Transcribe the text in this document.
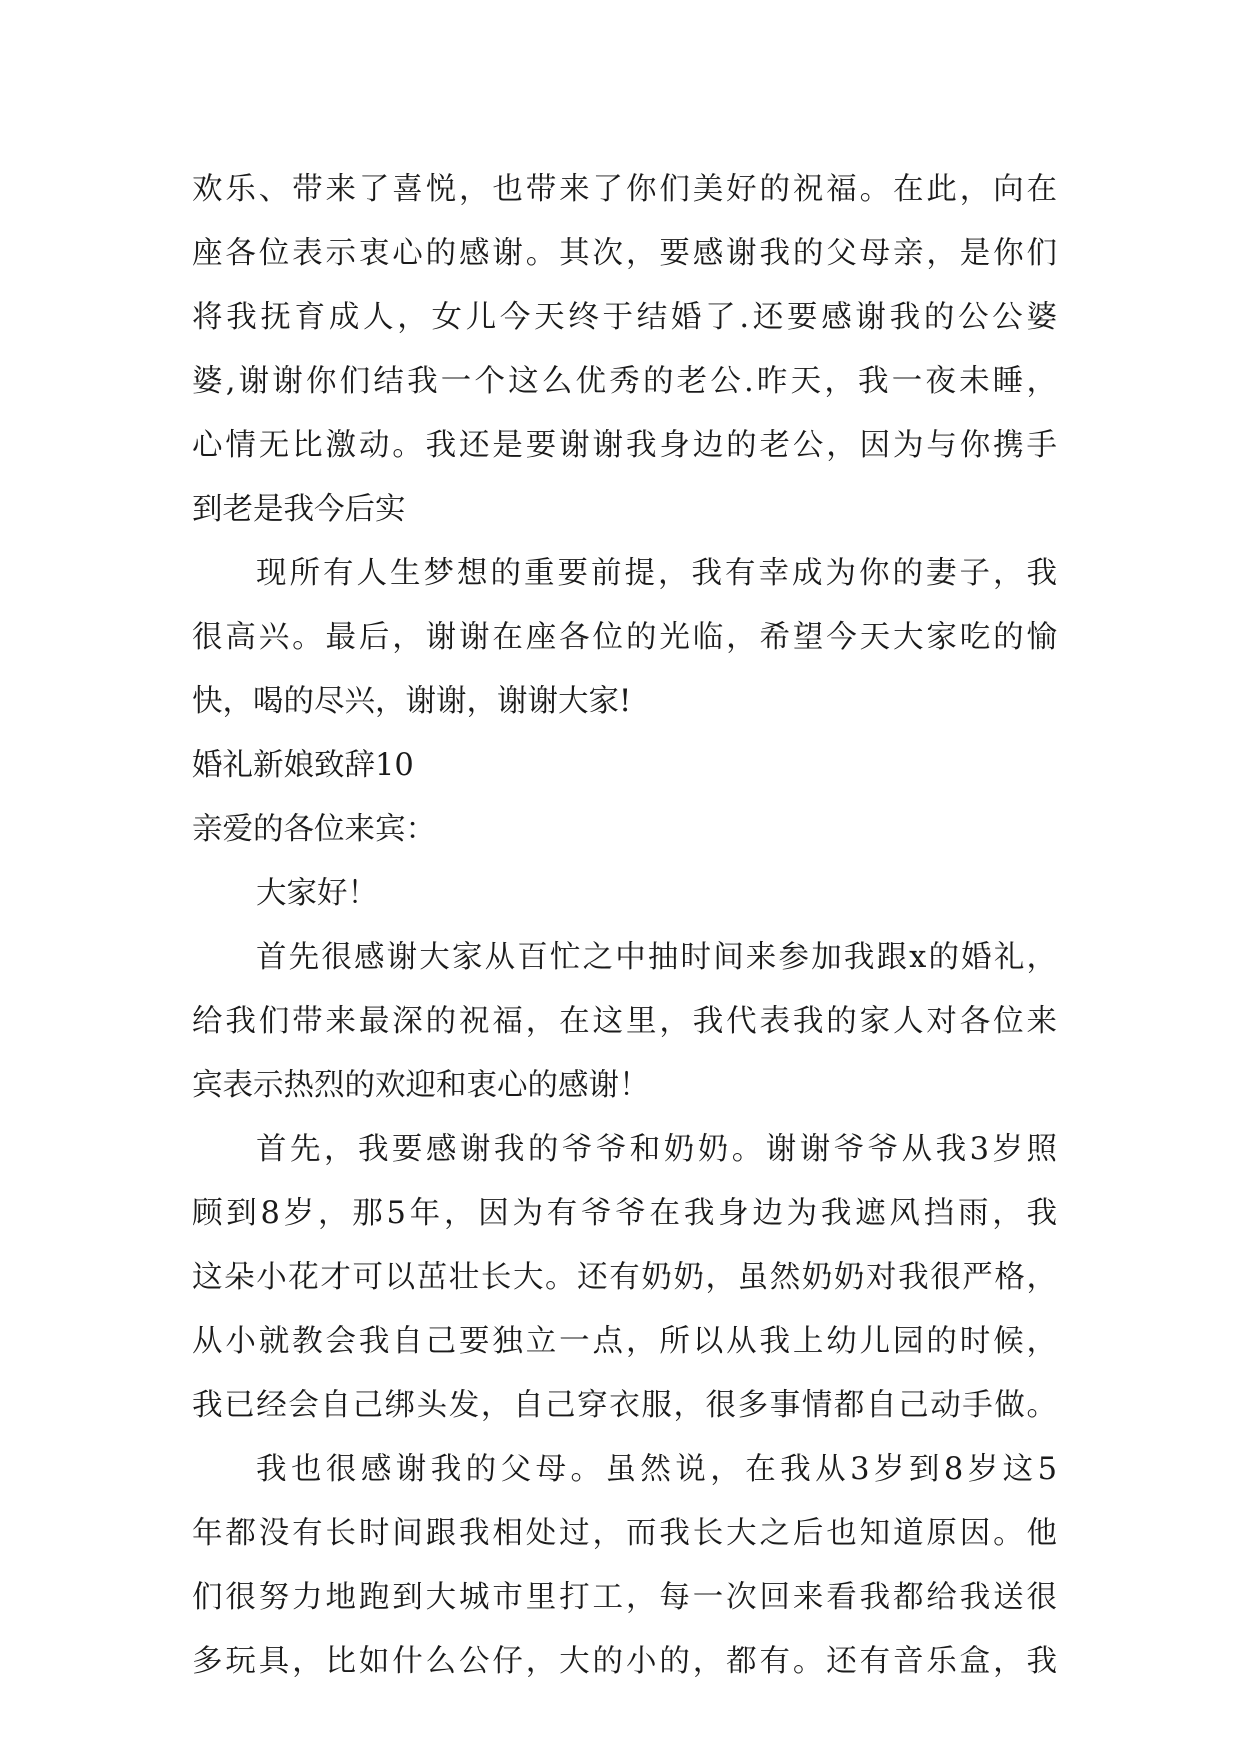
欢乐、带来了喜悦，也带来了你们美好的祝福。在此，向在
座各位表示衷心的感谢。其次，要感谢我的父母亲，是你们
将我抚育成人，女儿今天终于结婚了.还要感谢我的公公婆
婆,谢谢你们结我一个这么优秀的老公.昨天，我一夜未睡，
心情无比激动。我还是要谢谢我身边的老公，因为与你携手
到老是我今后实
现所有人生梦想的重要前提，我有幸成为你的妻子，我
很高兴。最后，谢谢在座各位的光临，希望今天大家吃的愉
快，喝的尽兴，谢谢，谢谢大家!
婚礼新娘致辞10
亲爱的各位来宾：
大家好！
首先很感谢大家从百忙之中抽时间来参加我跟x的婚礼，
给我们带来最深的祝福，在这里，我代表我的家人对各位来
宾表示热烈的欢迎和衷心的感谢！
首先，我要感谢我的爷爷和奶奶。谢谢爷爷从我3岁照
顾到8岁，那5年，因为有爷爷在我身边为我遮风挡雨，我
这朵小花才可以茁壮长大。还有奶奶，虽然奶奶对我很严格，
从小就教会我自己要独立一点，所以从我上幼儿园的时候，
我已经会自己绑头发，自己穿衣服，很多事情都自己动手做。
我也很感谢我的父母。虽然说，在我从3岁到8岁这5
年都没有长时间跟我相处过，而我长大之后也知道原因。他
们很努力地跑到大城市里打工，每一次回来看我都给我送很
多玩具，比如什么公仔，大的小的，都有。还有音乐盒，我
